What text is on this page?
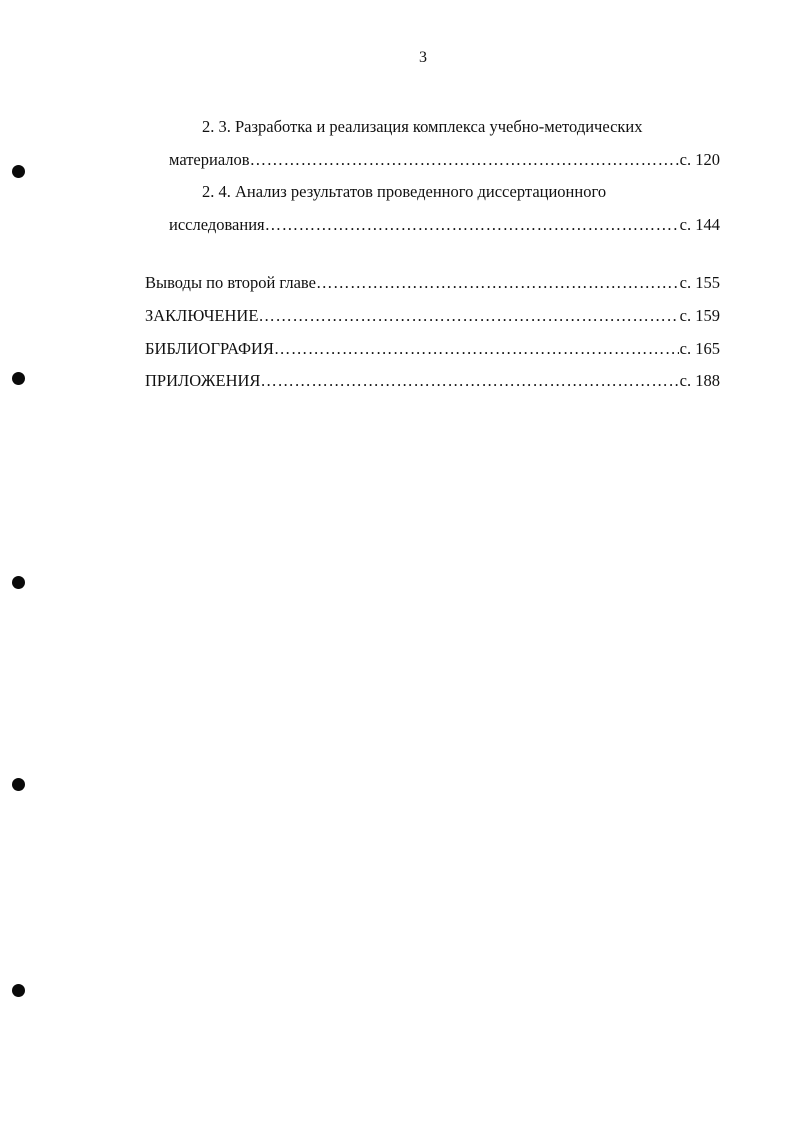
3
2. 3. Разработка и реализация комплекса учебно-методических
материалов ……………………………………………………………………………………………………………………………………………………………………	с. 120
2. 4. Анализ результатов проведенного диссертационного
исследования ……………………………………………………………………………………………………………………………………………………………………	с. 144
Выводы по второй главе ……………………………………………………………………………………………………………………………………………………………………	с. 155
ЗАКЛЮЧЕНИЕ ……………………………………………………………………………………………………………………………………………………………………	с. 159
БИБЛИОГРАФИЯ ……………………………………………………………………………………………………………………………………………………………………	с. 165
ПРИЛОЖЕНИЯ ……………………………………………………………………………………………………………………………………………………………………	с. 188
